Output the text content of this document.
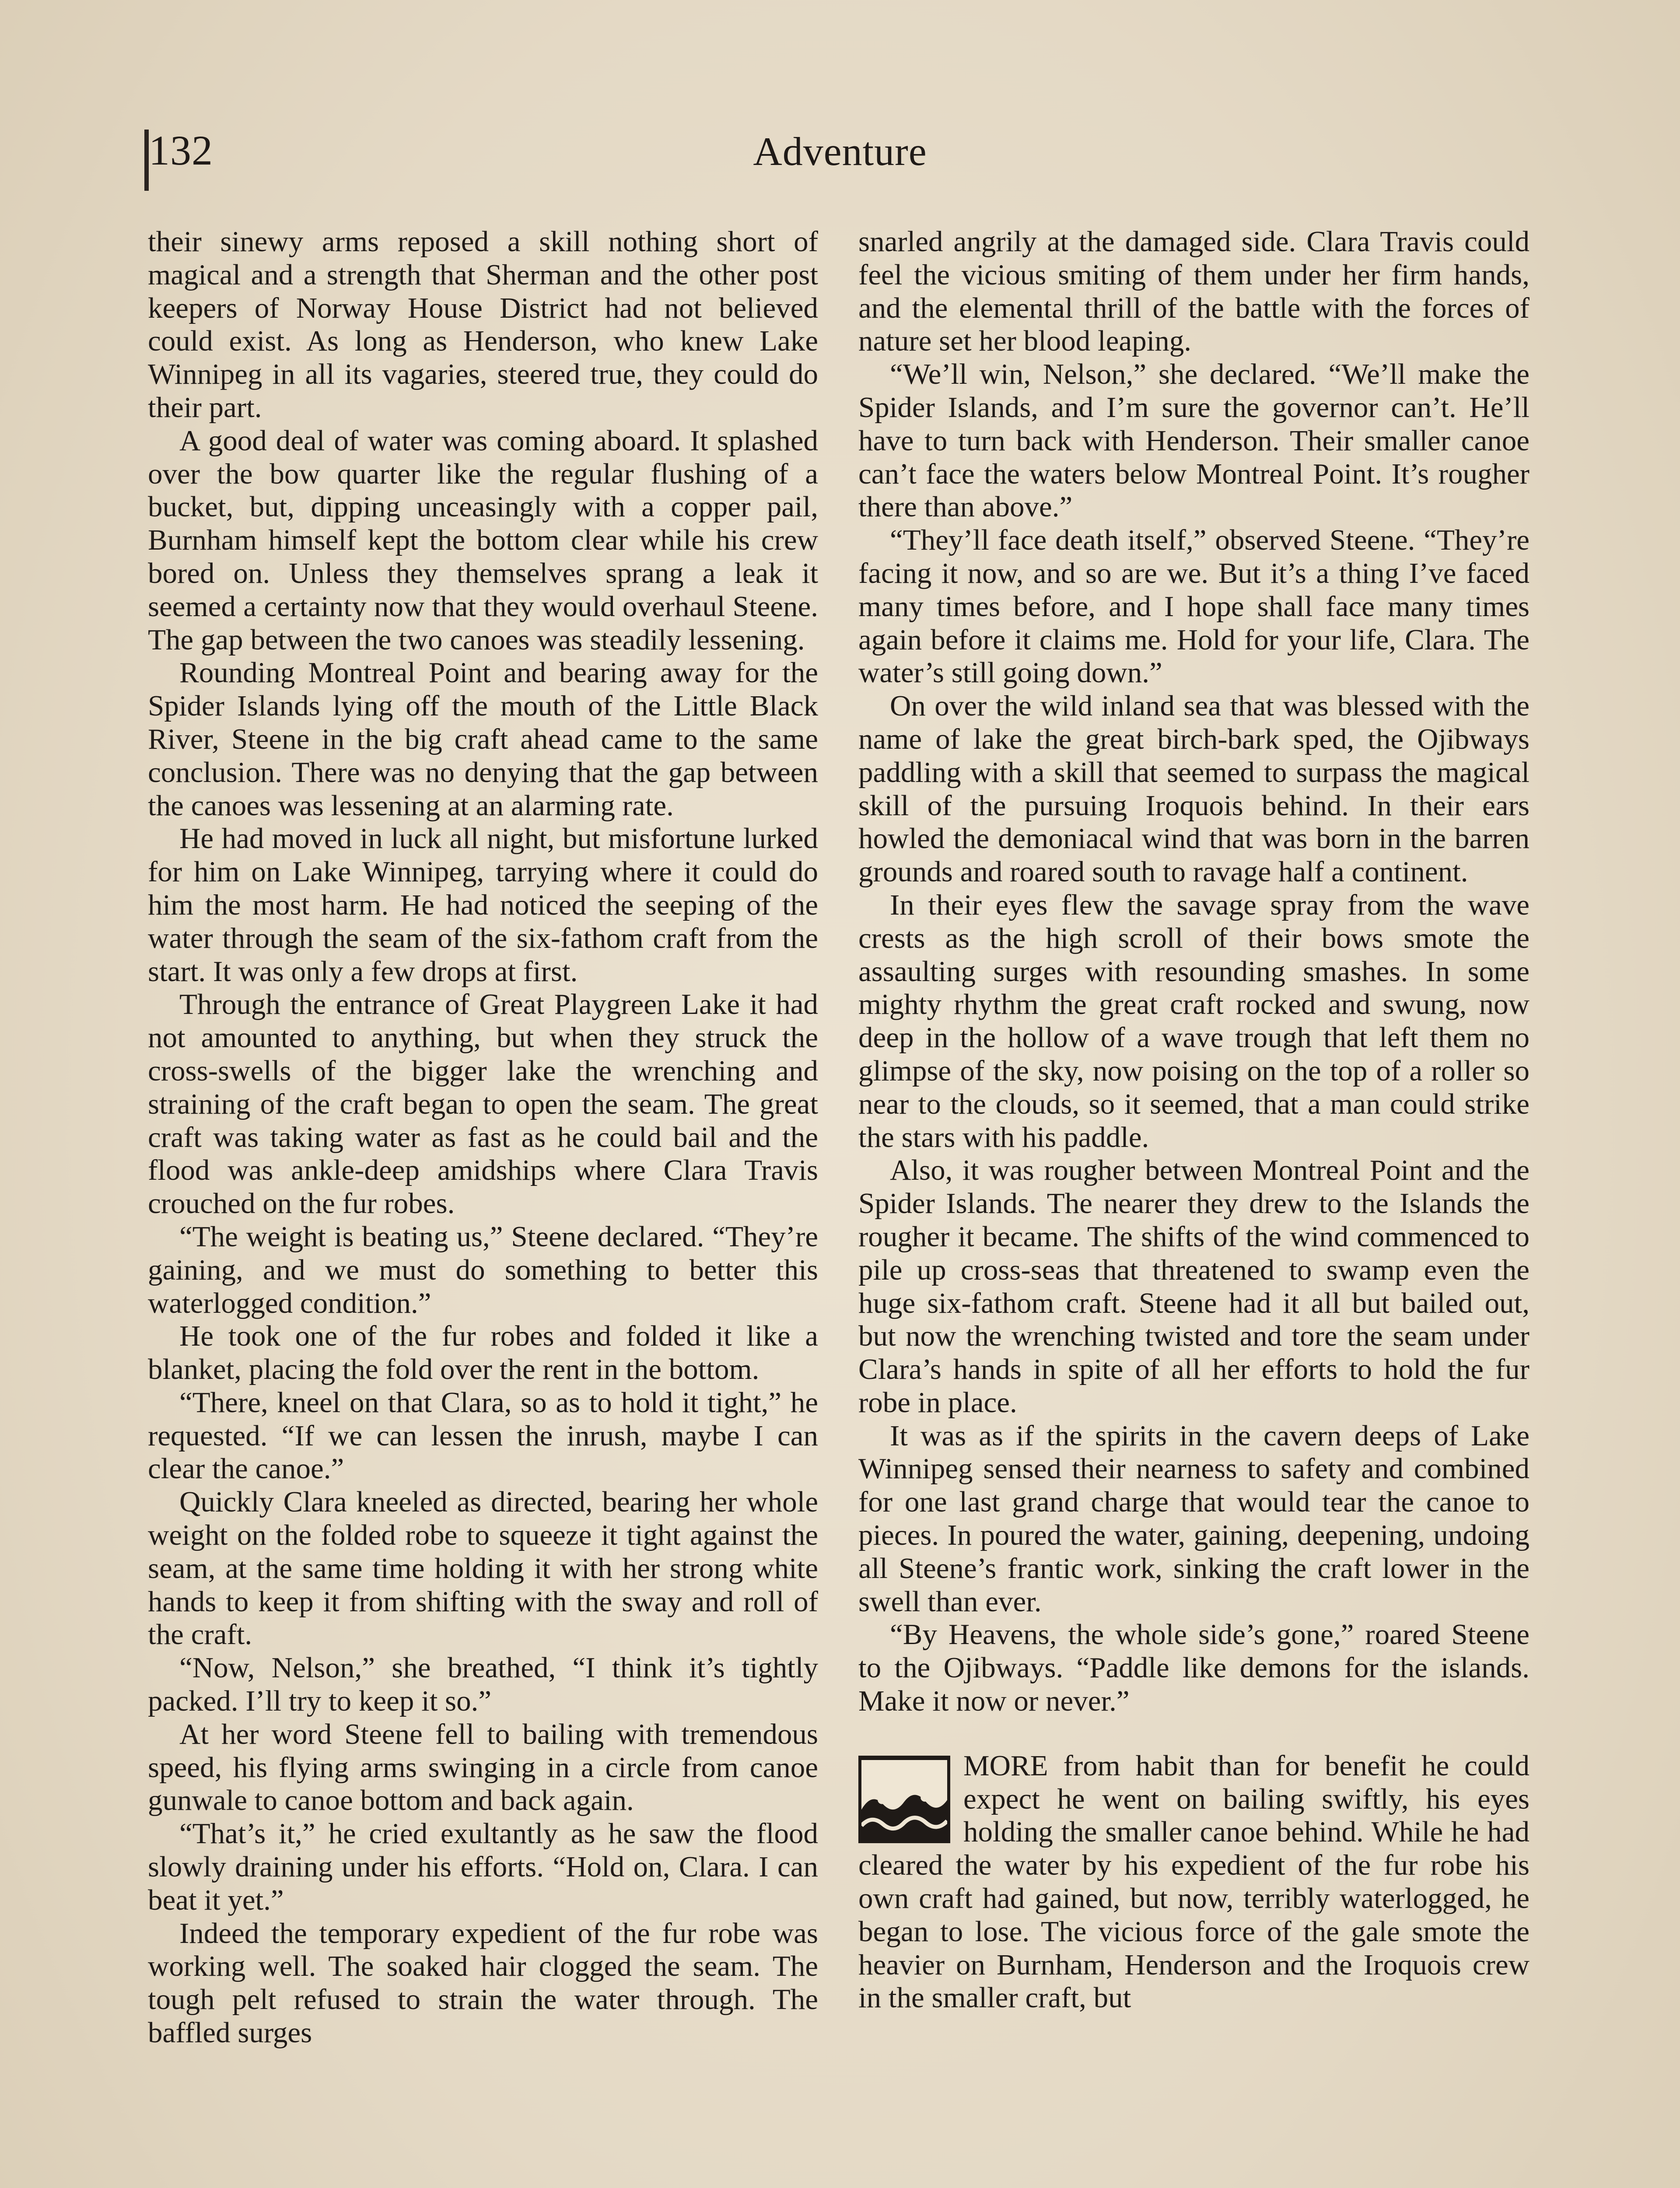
132	Adventure

their sinewy arms reposed a skill nothing short of magical and a strength that Sherman and the other post keepers of Norway House District had not believed could exist. As long as Henderson, who knew Lake Winnipeg in all its vagaries, steered true, they could do their part.

A good deal of water was coming aboard. It splashed over the bow quarter like the regular flushing of a bucket, but, dipping unceasingly with a copper pail, Burnham himself kept the bottom clear while his crew bored on. Unless they themselves sprang a leak it seemed a certainty now that they would overhaul Steene. The gap between the two canoes was steadily lessening.

Rounding Montreal Point and bearing away for the Spider Islands lying off the mouth of the Little Black River, Steene in the big craft ahead came to the same conclusion. There was no denying that the gap between the canoes was lessening at an alarming rate.

He had moved in luck all night, but misfortune lurked for him on Lake Winnipeg, tarrying where it could do him the most harm. He had noticed the seeping of the water through the seam of the six-fathom craft from the start. It was only a few drops at first.

Through the entrance of Great Playgreen Lake it had not amounted to anything, but when they struck the cross-swells of the bigger lake the wrenching and straining of the craft began to open the seam. The great craft was taking water as fast as he could bail and the flood was ankle-deep amidships where Clara Travis crouched on the fur robes.

“The weight is beating us,” Steene declared. “They’re gaining, and we must do something to better this waterlogged condition.”

He took one of the fur robes and folded it like a blanket, placing the fold over the rent in the bottom.

“There, kneel on that Clara, so as to hold it tight,” he requested. “If we can lessen the inrush, maybe I can clear the canoe.”

Quickly Clara kneeled as directed, bearing her whole weight on the folded robe to squeeze it tight against the seam, at the same time holding it with her strong white hands to keep it from shifting with the sway and roll of the craft.

“Now, Nelson,” she breathed, “I think it’s tightly packed. I’ll try to keep it so.”

At her word Steene fell to bailing with tremendous speed, his flying arms swinging in a circle from canoe gunwale to canoe bottom and back again.

“That’s it,” he cried exultantly as he saw the flood slowly draining under his efforts. “Hold on, Clara. I can beat it yet.”

Indeed the temporary expedient of the fur robe was working well. The soaked hair clogged the seam. The tough pelt refused to strain the water through. The baffled surges

snarled angrily at the damaged side. Clara Travis could feel the vicious smiting of them under her firm hands, and the elemental thrill of the battle with the forces of nature set her blood leaping.

“We’ll win, Nelson,” she declared. “We’ll make the Spider Islands, and I’m sure the governor can’t. He’ll have to turn back with Henderson. Their smaller canoe can’t face the waters below Montreal Point. It’s rougher there than above.”

“They’ll face death itself,” observed Steene. “They’re facing it now, and so are we. But it’s a thing I’ve faced many times before, and I hope shall face many times again before it claims me. Hold for your life, Clara. The water’s still going down.”

On over the wild inland sea that was blessed with the name of lake the great birch-bark sped, the Ojibways paddling with a skill that seemed to surpass the magical skill of the pursuing Iroquois behind. In their ears howled the demoniacal wind that was born in the barren grounds and roared south to ravage half a continent.

In their eyes flew the savage spray from the wave crests as the high scroll of their bows smote the assaulting surges with resounding smashes. In some mighty rhythm the great craft rocked and swung, now deep in the hollow of a wave trough that left them no glimpse of the sky, now poising on the top of a roller so near to the clouds, so it seemed, that a man could strike the stars with his paddle.

Also, it was rougher between Montreal Point and the Spider Islands. The nearer they drew to the Islands the rougher it became. The shifts of the wind commenced to pile up cross-seas that threatened to swamp even the huge six-fathom craft. Steene had it all but bailed out, but now the wrenching twisted and tore the seam under Clara’s hands in spite of all her efforts to hold the fur robe in place.

It was as if the spirits in the cavern deeps of Lake Winnipeg sensed their nearness to safety and combined for one last grand charge that would tear the canoe to pieces. In poured the water, gaining, deepening, undoing all Steene’s frantic work, sinking the craft lower in the swell than ever.

“By Heavens, the whole side’s gone,” roared Steene to the Ojibways. “Paddle like demons for the islands. Make it now or never.”

MORE from habit than for benefit he could expect he went on bailing swiftly, his eyes holding the smaller canoe behind. While he had cleared the water by his expedient of the fur robe his own craft had gained, but now, terribly waterlogged, he began to lose. The vicious force of the gale smote the heavier on Burnham, Henderson and the Iroquois crew in the smaller craft, but
